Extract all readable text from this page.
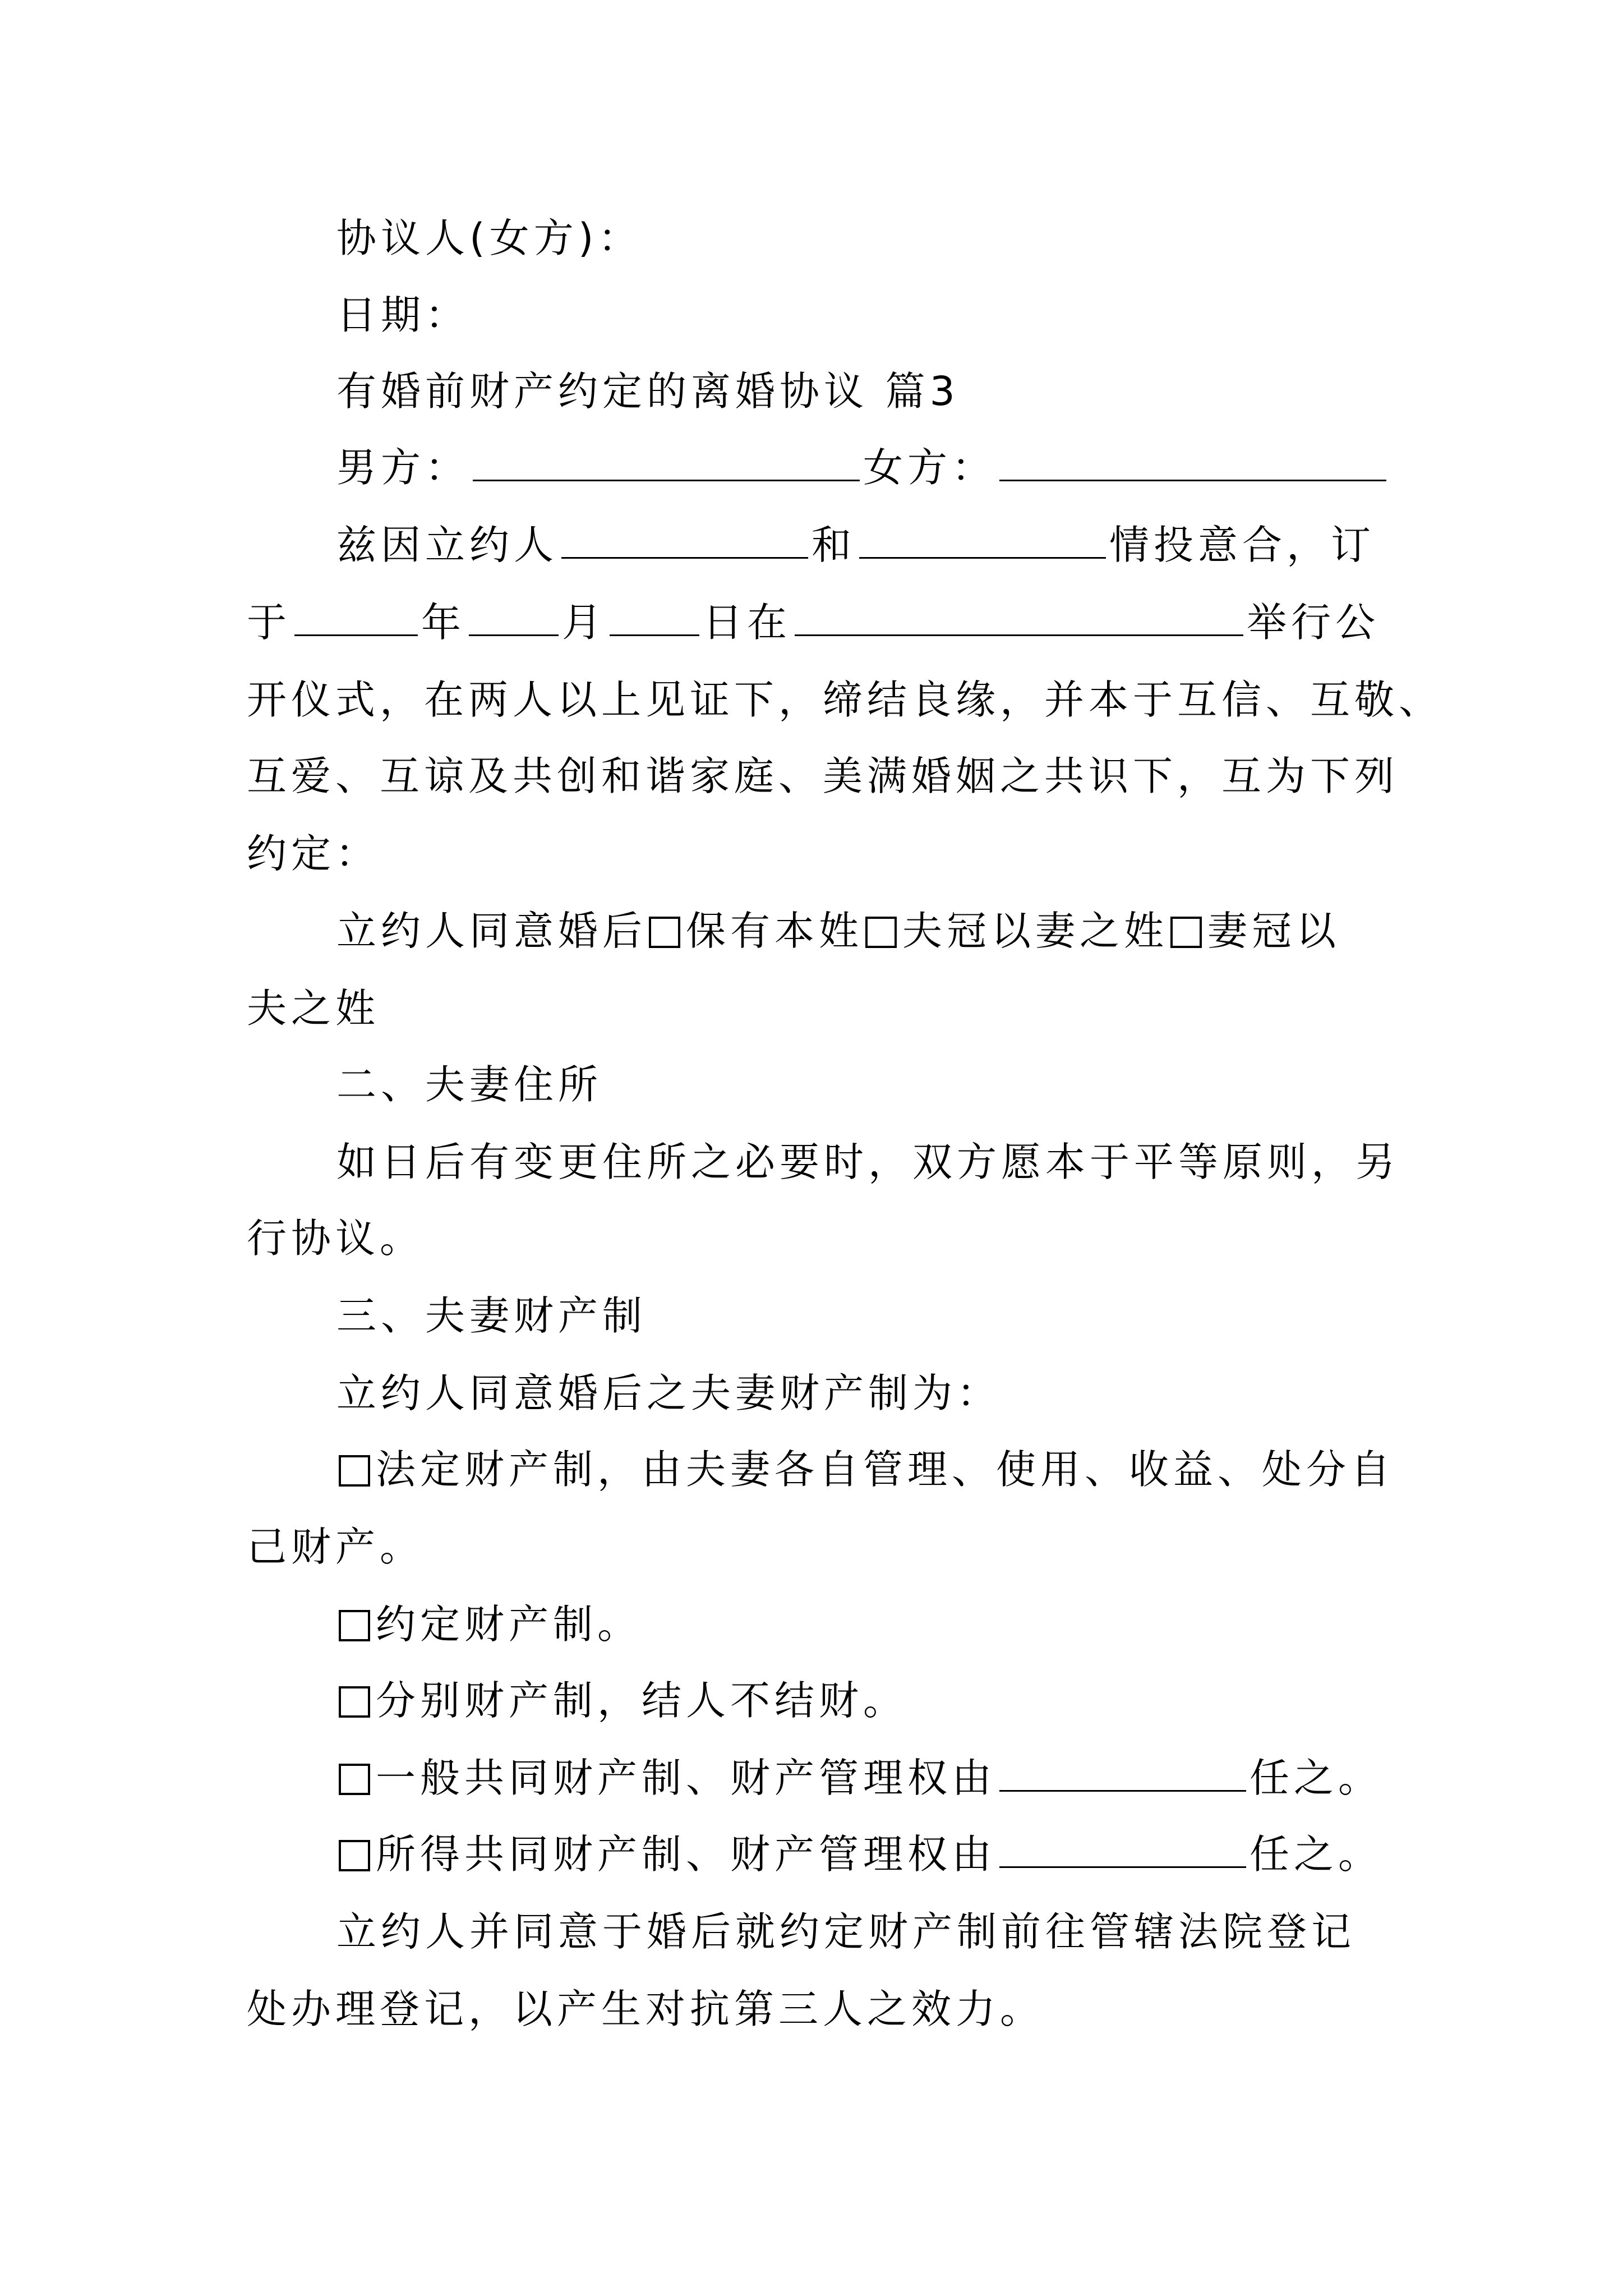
协议人(女方)：
日期：
有婚前财产约定的离婚协议 篇3
男方：	女方：
兹因立约人	和	情投意合，订
于	年 月 日在	举行公
开仪式，在两人以上见证下，缔结良缘，并本于互信、互敬、
互爱、互谅及共创和谐家庭、美满婚姻之共识下，互为下列
约定：
立约人同意婚后 保有本姓 夫冠以妻之姓 妻冠以
夫之姓
二、夫妻住所
如日后有变更住所之必要时，双方愿本于平等原则，另
行协议。
三、夫妻财产制
立约人同意婚后之夫妻财产制为：
法定财产制，由夫妻各自管理、使用、收益、处分自
己财产。
约定财产制。
分别财产制，结人不结财。
一般共同财产制、财产管理权由	任之。
所得共同财产制、财产管理权由	任之。
立约人并同意于婚后就约定财产制前往管辖法院登记
处办理登记，以产生对抗第三人之效力。
